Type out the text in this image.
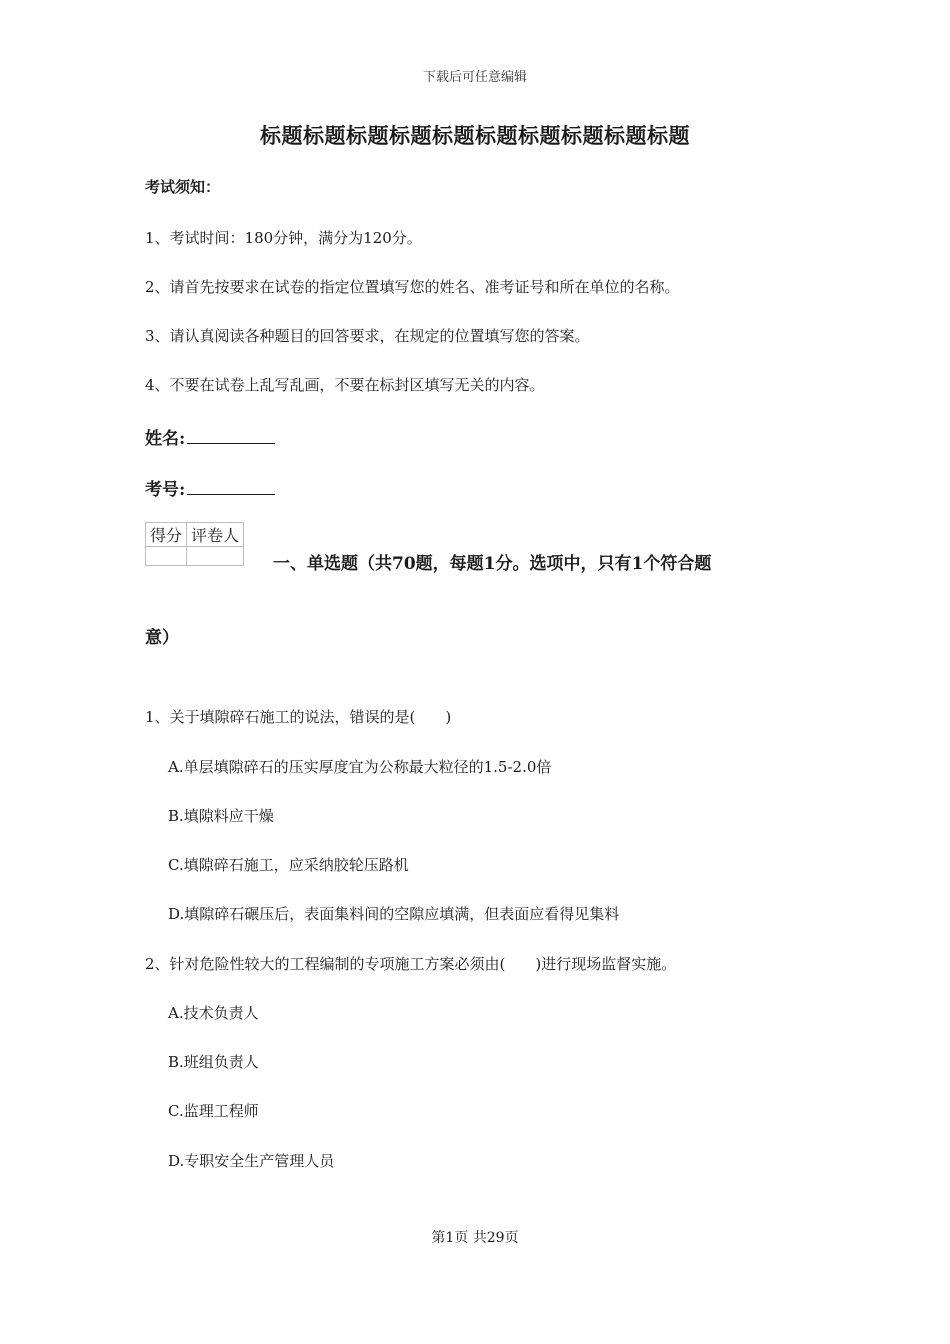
下载后可任意编辑
标题标题标题标题标题标题标题标题标题标题
考试须知：
1、考试时间：180分钟，满分为120分。
2、请首先按要求在试卷的指定位置填写您的姓名、准考证号和所在单位的名称。
3、请认真阅读各种题目的回答要求，在规定的位置填写您的答案。
4、不要在试卷上乱写乱画，不要在标封区填写无关的内容。
姓名:
考号:
得分	评卷人

一、单选题（共70题，每题1分。选项中，只有1个符合题
意）
1、关于填隙碎石施工的说法，错误的是(　　)
A.单层填隙碎石的压实厚度宜为公称最大粒径的1.5-2.0倍
B.填隙料应干燥
C.填隙碎石施工，应采纳胶轮压路机
D.填隙碎石碾压后，表面集料间的空隙应填满，但表面应看得见集料
2、针对危险性较大的工程编制的专项施工方案必须由(　　)进行现场监督实施。
A.技术负责人
B.班组负责人
C.监理工程师
D.专职安全生产管理人员
第1页 共29页
